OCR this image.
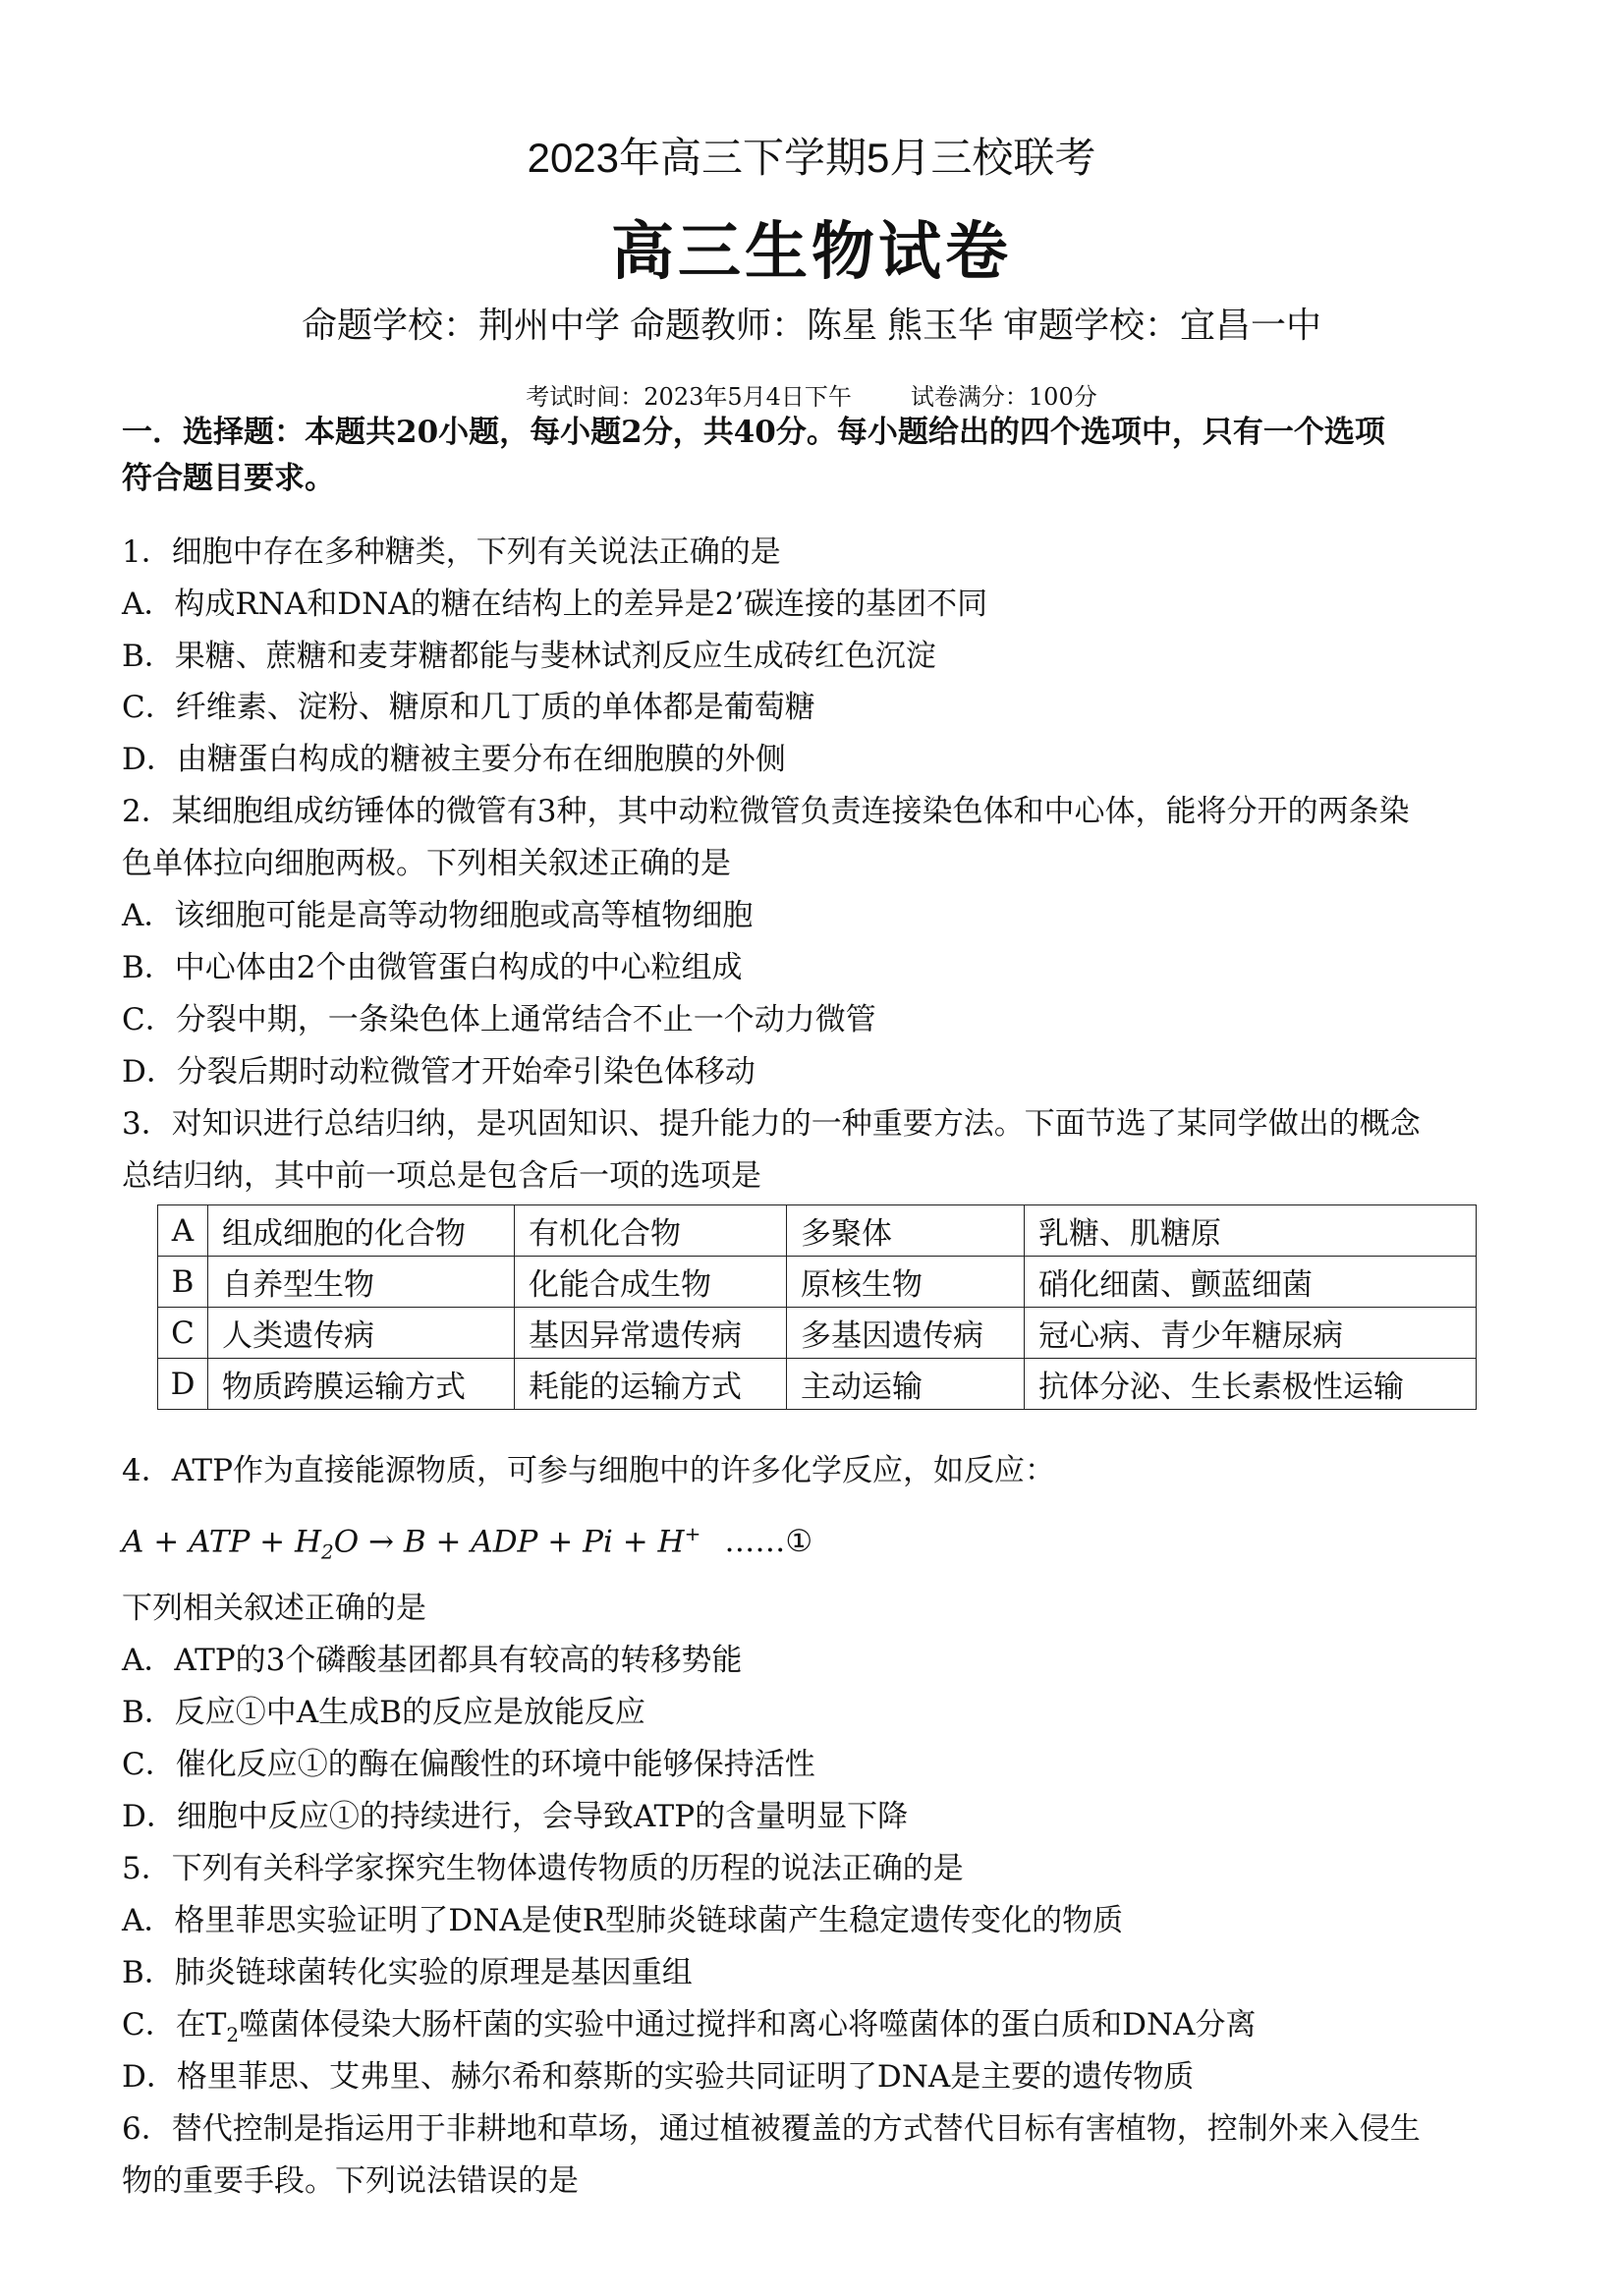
2023年高三下学期5月三校联考
高三生物试卷
命题学校：荆州中学 命题教师：陈星 熊玉华 审题学校：宜昌一中
考试时间：2023年5月4日下午	试卷满分：100分
一．选择题：本题共20小题，每小题2分，共40分。每小题给出的四个选项中，只有一个选项
符合题目要求。
1．细胞中存在多种糖类，下列有关说法正确的是
A．构成RNA和DNA的糖在结构上的差异是2’碳连接的基团不同
B．果糖、蔗糖和麦芽糖都能与斐林试剂反应生成砖红色沉淀
C．纤维素、淀粉、糖原和几丁质的单体都是葡萄糖
D．由糖蛋白构成的糖被主要分布在细胞膜的外侧
2．某细胞组成纺锤体的微管有3种，其中动粒微管负责连接染色体和中心体，能将分开的两条染
色单体拉向细胞两极。下列相关叙述正确的是
A．该细胞可能是高等动物细胞或高等植物细胞
B．中心体由2个由微管蛋白构成的中心粒组成
C．分裂中期，一条染色体上通常结合不止一个动力微管
D．分裂后期时动粒微管才开始牵引染色体移动
3．对知识进行总结归纳，是巩固知识、提升能力的一种重要方法。下面节选了某同学做出的概念
总结归纳，其中前一项总是包含后一项的选项是
A	组成细胞的化合物	有机化合物	多聚体	乳糖、肌糖原
B	自养型生物	化能合成生物	原核生物	硝化细菌、颤蓝细菌
C	人类遗传病	基因异常遗传病	多基因遗传病	冠心病、青少年糖尿病
D	物质跨膜运输方式	耗能的运输方式	主动运输	抗体分泌、生长素极性运输
4．ATP作为直接能源物质，可参与细胞中的许多化学反应，如反应：
A + ATP + $H_2O \to B$ + ADP + Pi + H+ ……①
下列相关叙述正确的是
A．ATP的3个磷酸基团都具有较高的转移势能
B．反应①中A生成B的反应是放能反应
C．催化反应①的酶在偏酸性的环境中能够保持活性
D．细胞中反应①的持续进行，会导致ATP的含量明显下降
5．下列有关科学家探究生物体遗传物质的历程的说法正确的是
A．格里菲思实验证明了DNA是使R型肺炎链球菌产生稳定遗传变化的物质
B．肺炎链球菌转化实验的原理是基因重组
C．在$T_2$噬菌体侵染大肠杆菌的实验中通过搅拌和离心将噬菌体的蛋白质和DNA分离
D．格里菲思、艾弗里、赫尔希和蔡斯的实验共同证明了DNA是主要的遗传物质
6．替代控制是指运用于非耕地和草场，通过植被覆盖的方式替代目标有害植物，控制外来入侵生
物的重要手段。下列说法错误的是
